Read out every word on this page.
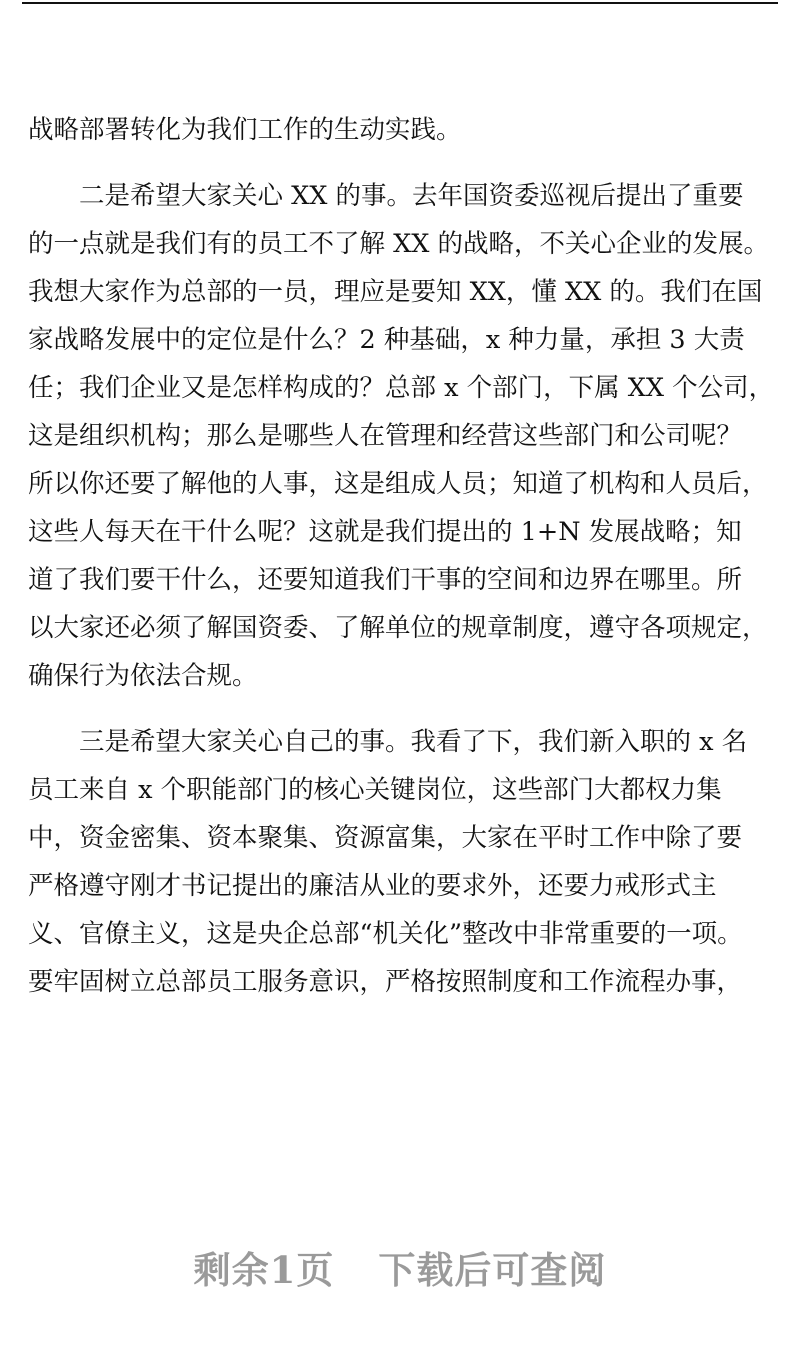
战略部署转化为我们工作的生动实践。
二是希望大家关心 XX 的事。去年国资委巡视后提出了重要
的一点就是我们有的员工不了解 XX 的战略，不关心企业的发展。
我想大家作为总部的一员，理应是要知 XX，懂 XX 的。我们在国
家战略发展中的定位是什么？2 种基础，x 种力量，承担 3 大责
任；我们企业又是怎样构成的？总部 x 个部门，下属 XX 个公司，
这是组织机构；那么是哪些人在管理和经营这些部门和公司呢？
所以你还要了解他的人事，这是组成人员；知道了机构和人员后，
这些人每天在干什么呢？这就是我们提出的 1+N 发展战略；知
道了我们要干什么，还要知道我们干事的空间和边界在哪里。所
以大家还必须了解国资委、了解单位的规章制度，遵守各项规定，
确保行为依法合规。
三是希望大家关心自己的事。我看了下，我们新入职的 x 名
员工来自 x 个职能部门的核心关键岗位，这些部门大都权力集
中，资金密集、资本聚集、资源富集，大家在平时工作中除了要
严格遵守刚才书记提出的廉洁从业的要求外，还要力戒形式主
义、官僚主义，这是央企总部“机关化”整改中非常重要的一项。
要牢固树立总部员工服务意识，严格按照制度和工作流程办事，
剩余1页 下载后可查阅
